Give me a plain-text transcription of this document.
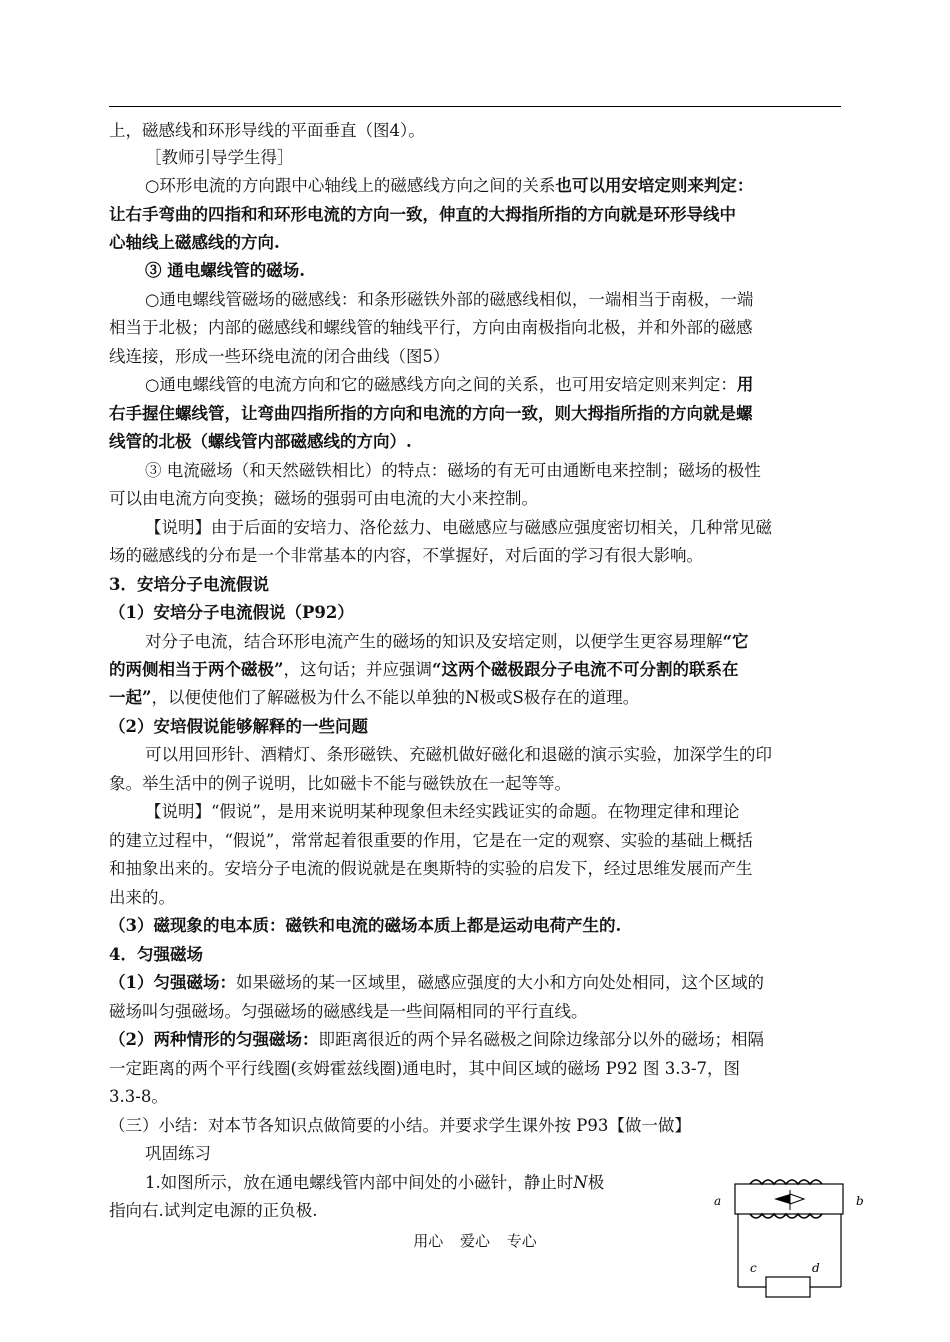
上，磁感线和环形导线的平面垂直（图4）。
［教师引导学生得］
○环形电流的方向跟中心轴线上的磁感线方向之间的关系也可以用安培定则来判定：
让右手弯曲的四指和和环形电流的方向一致，伸直的大拇指所指的方向就是环形导线中
心轴线上磁感线的方向.
③ 通电螺线管的磁场.
○通电螺线管磁场的磁感线：和条形磁铁外部的磁感线相似，一端相当于南极，一端
相当于北极；内部的磁感线和螺线管的轴线平行，方向由南极指向北极，并和外部的磁感
线连接，形成一些环绕电流的闭合曲线（图5）
○通电螺线管的电流方向和它的磁感线方向之间的关系，也可用安培定则来判定：用
右手握住螺线管，让弯曲四指所指的方向和电流的方向一致，则大拇指所指的方向就是螺
线管的北极（螺线管内部磁感线的方向）.
③ 电流磁场（和天然磁铁相比）的特点：磁场的有无可由通断电来控制；磁场的极性
可以由电流方向变换；磁场的强弱可由电流的大小来控制。
【说明】由于后面的安培力、洛伦兹力、电磁感应与磁感应强度密切相关，几种常见磁
场的磁感线的分布是一个非常基本的内容，不掌握好，对后面的学习有很大影响。
3．安培分子电流假说
（1）安培分子电流假说（P92）
对分子电流，结合环形电流产生的磁场的知识及安培定则，以便学生更容易理解“它
的两侧相当于两个磁极”，这句话；并应强调“这两个磁极跟分子电流不可分割的联系在
一起”，以便使他们了解磁极为什么不能以单独的N极或S极存在的道理。
（2）安培假说能够解释的一些问题
可以用回形针、酒精灯、条形磁铁、充磁机做好磁化和退磁的演示实验，加深学生的印
象。举生活中的例子说明，比如磁卡不能与磁铁放在一起等等。
【说明】“假说”，是用来说明某种现象但未经实践证实的命题。在物理定律和理论
的建立过程中，“假说”，常常起着很重要的作用，它是在一定的观察、实验的基础上概括
和抽象出来的。安培分子电流的假说就是在奥斯特的实验的启发下，经过思维发展而产生
出来的。
（3）磁现象的电本质：磁铁和电流的磁场本质上都是运动电荷产生的.
4．匀强磁场
（1）匀强磁场：如果磁场的某一区域里，磁感应强度的大小和方向处处相同，这个区域的
磁场叫匀强磁场。匀强磁场的磁感线是一些间隔相同的平行直线。
（2）两种情形的匀强磁场：即距离很近的两个异名磁极之间除边缘部分以外的磁场；相隔
一定距离的两个平行线圈(亥姆霍兹线圈)通电时，其中间区域的磁场 P92 图 3.3-7，图
3.3-8。
（三）小结：对本节各知识点做简要的小结。并要求学生课外按 P93【做一做】
巩固练习
1.如图所示，放在通电螺线管内部中间处的小磁针，静止时N极
指向右.试判定电源的正负极.	a	b
c	d
用心 爱心 专心
